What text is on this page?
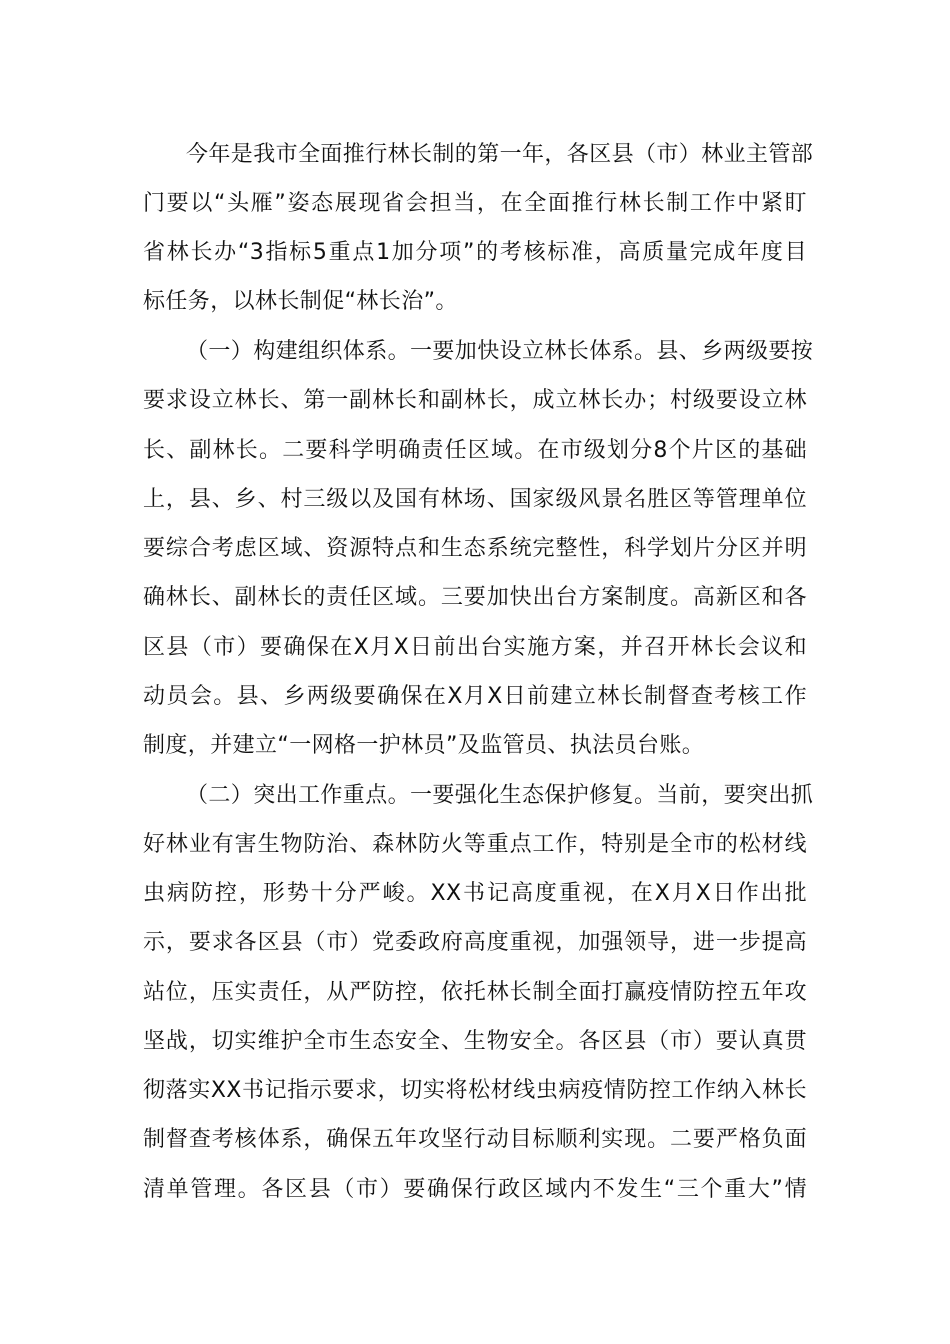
今年是我市全面推行林长制的第一年，各区县（市）林业主管部
门要以“头雁”姿态展现省会担当，在全面推行林长制工作中紧盯
省林长办“3指标5重点1加分项”的考核标准，高质量完成年度目
标任务，以林长制促“林长治”。
（一）构建组织体系。一要加快设立林长体系。县、乡两级要按
要求设立林长、第一副林长和副林长，成立林长办；村级要设立林
长、副林长。二要科学明确责任区域。在市级划分8个片区的基础
上，县、乡、村三级以及国有林场、国家级风景名胜区等管理单位
要综合考虑区域、资源特点和生态系统完整性，科学划片分区并明
确林长、副林长的责任区域。三要加快出台方案制度。高新区和各
区县（市）要确保在X月X日前出台实施方案，并召开林长会议和
动员会。县、乡两级要确保在X月X日前建立林长制督查考核工作
制度，并建立“一网格一护林员”及监管员、执法员台账。
（二）突出工作重点。一要强化生态保护修复。当前，要突出抓
好林业有害生物防治、森林防火等重点工作，特别是全市的松材线
虫病防控，形势十分严峻。XX书记高度重视，在X月X日作出批
示，要求各区县（市）党委政府高度重视，加强领导，进一步提高
站位，压实责任，从严防控，依托林长制全面打赢疫情防控五年攻
坚战，切实维护全市生态安全、生物安全。各区县（市）要认真贯
彻落实XX书记指示要求，切实将松材线虫病疫情防控工作纳入林长
制督查考核体系，确保五年攻坚行动目标顺利实现。二要严格负面
清单管理。各区县（市）要确保行政区域内不发生“三个重大”情
